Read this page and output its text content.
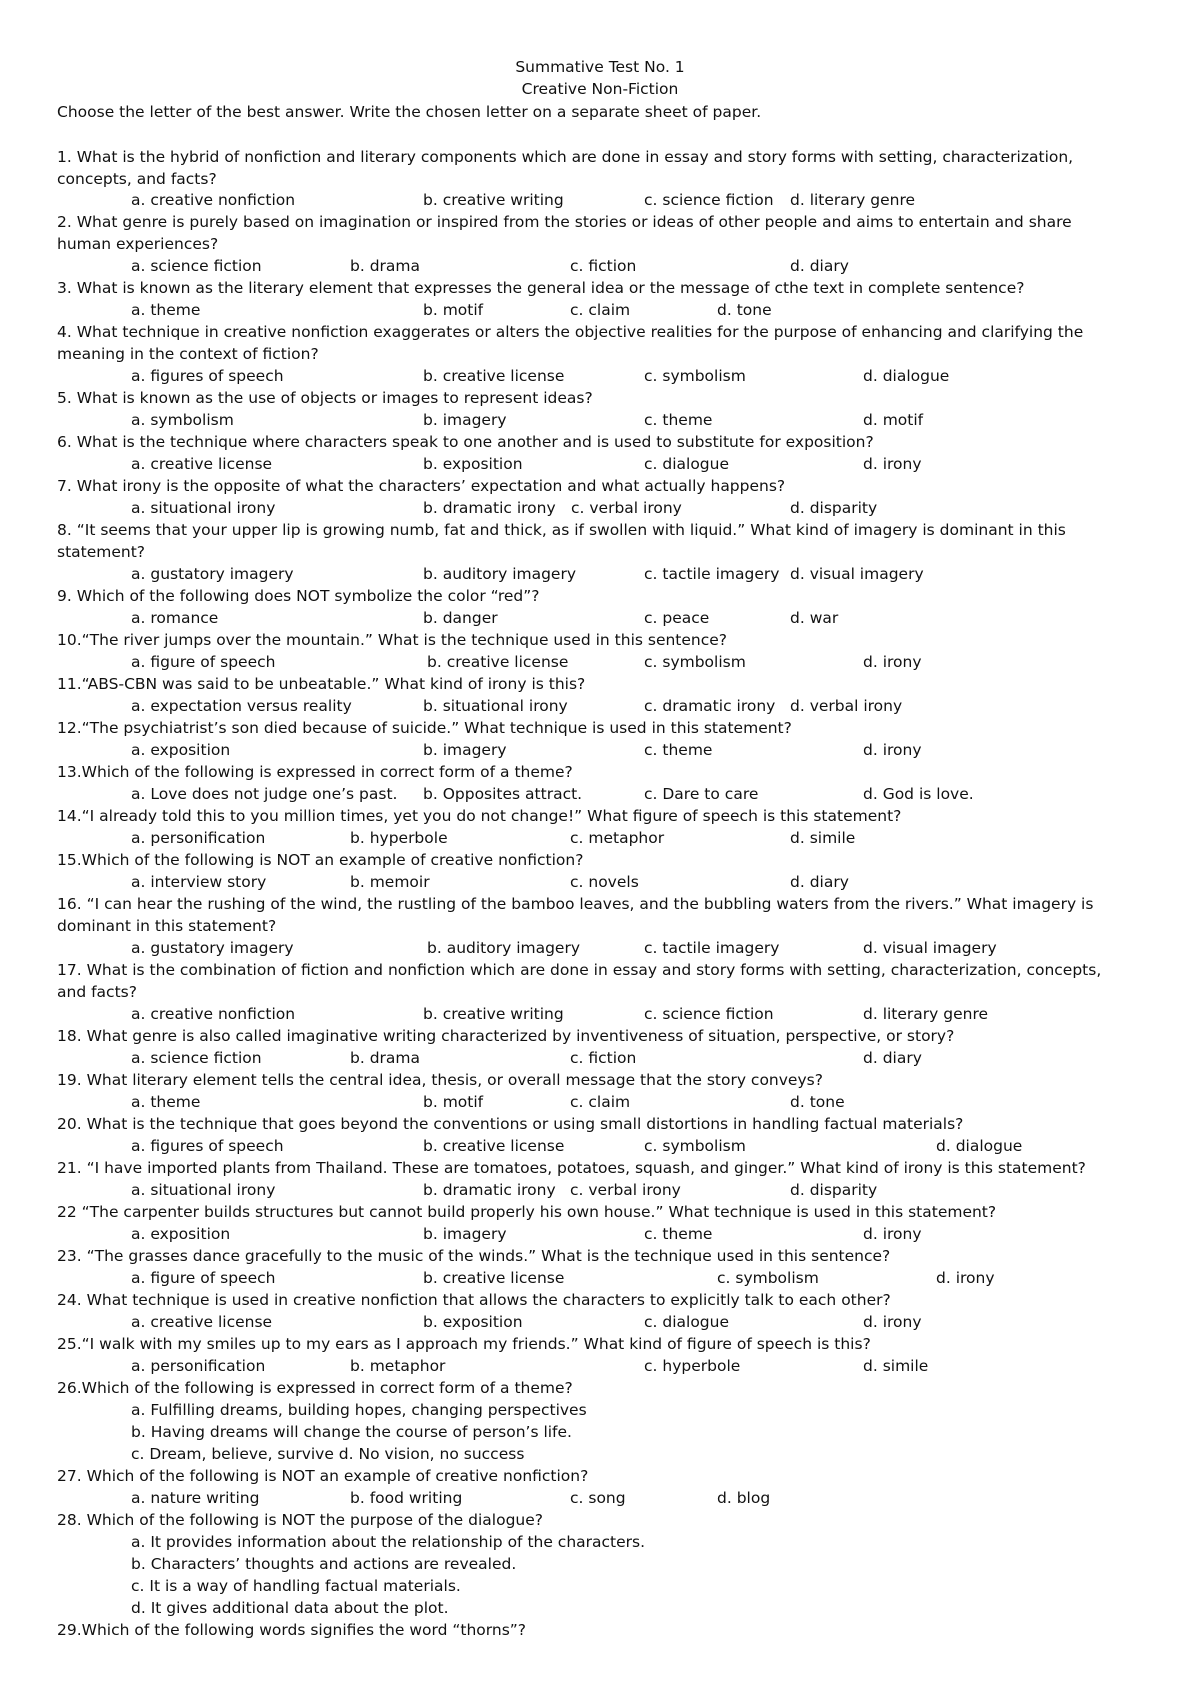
Summative Test No. 1
Creative Non-Fiction
Choose the letter of the best answer. Write the chosen letter on a separate sheet of paper.
1. What is the hybrid of nonfiction and literary components which are done in essay and story forms with setting, characterization,
concepts, and facts?
a. creative nonfiction	b. creative writing	c. science fiction d. literary genre
2. What genre is purely based on imagination or inspired from the stories or ideas of other people and aims to entertain and share
human experiences?
a. science fiction	b. drama	c. fiction	d. diary
3. What is known as the literary element that expresses the general idea or the message of cthe text in complete sentence?
a. theme	b. motif	c. claim	d. tone
4. What technique in creative nonfiction exaggerates or alters the objective realities for the purpose of enhancing and clarifying the
meaning in the context of fiction?
a. figures of speech	b. creative license	c. symbolism	d. dialogue
5. What is known as the use of objects or images to represent ideas?
a. symbolism	b. imagery	c. theme	d. motif
6. What is the technique where characters speak to one another and is used to substitute for exposition?
a. creative license	b. exposition	c. dialogue	d. irony
7. What irony is the opposite of what the characters’ expectation and what actually happens?
a. situational irony	b. dramatic irony c. verbal irony	d. disparity
8. “It seems that your upper lip is growing numb, fat and thick, as if swollen with liquid.” What kind of imagery is dominant in this
statement?
a. gustatory imagery	b. auditory imagery	c. tactile imagery d. visual imagery
9. Which of the following does NOT symbolize the color “red”?
a. romance	b. danger	c. peace	d. war
10.“The river jumps over the mountain.” What is the technique used in this sentence?
a. figure of speech	b. creative license	c. symbolism	d. irony
11.“ABS-CBN was said to be unbeatable.” What kind of irony is this?
a. expectation versus reality	b. situational irony	c. dramatic irony d. verbal irony
12.“The psychiatrist’s son died because of suicide.” What technique is used in this statement?
a. exposition	b. imagery	c. theme	d. irony
13.Which of the following is expressed in correct form of a theme?
a. Love does not judge one’s past. b. Opposites attract.	c. Dare to care	d. God is love.
14.“I already told this to you million times, yet you do not change!” What figure of speech is this statement?
a. personification	b. hyperbole	c. metaphor	d. simile
15.Which of the following is NOT an example of creative nonfiction?
a. interview story	b. memoir	c. novels	d. diary
16. “I can hear the rushing of the wind, the rustling of the bamboo leaves, and the bubbling waters from the rivers.” What imagery is
dominant in this statement?
a. gustatory imagery	b. auditory imagery	c. tactile imagery	d. visual imagery
17. What is the combination of fiction and nonfiction which are done in essay and story forms with setting, characterization, concepts,
and facts?
a. creative nonfiction	b. creative writing	c. science fiction	d. literary genre
18. What genre is also called imaginative writing characterized by inventiveness of situation, perspective, or story?
a. science fiction	b. drama	c. fiction	d. diary
19. What literary element tells the central idea, thesis, or overall message that the story conveys?
a. theme	b. motif	c. claim	d. tone
20. What is the technique that goes beyond the conventions or using small distortions in handling factual materials?
a. figures of speech	b. creative license	c. symbolism	d. dialogue
21. “I have imported plants from Thailand. These are tomatoes, potatoes, squash, and ginger.” What kind of irony is this statement?
a. situational irony	b. dramatic irony c. verbal irony	d. disparity
22 “The carpenter builds structures but cannot build properly his own house.” What technique is used in this statement?
a. exposition	b. imagery	c. theme	d. irony
23. “The grasses dance gracefully to the music of the winds.” What is the technique used in this sentence?
a. figure of speech	b. creative license	c. symbolism	d. irony
24. What technique is used in creative nonfiction that allows the characters to explicitly talk to each other?
a. creative license	b. exposition	c. dialogue	d. irony
25.“I walk with my smiles up to my ears as I approach my friends.” What kind of figure of speech is this?
a. personification	b. metaphor	c. hyperbole	d. simile
26.Which of the following is expressed in correct form of a theme?
a. Fulfilling dreams, building hopes, changing perspectives
b. Having dreams will change the course of person’s life.
c. Dream, believe, survive d. No vision, no success
27. Which of the following is NOT an example of creative nonfiction?
a. nature writing	b. food writing	c. song	d. blog
28. Which of the following is NOT the purpose of the dialogue?
a. It provides information about the relationship of the characters.
b. Characters’ thoughts and actions are revealed.
c. It is a way of handling factual materials.
d. It gives additional data about the plot.
29.Which of the following words signifies the word “thorns”?
